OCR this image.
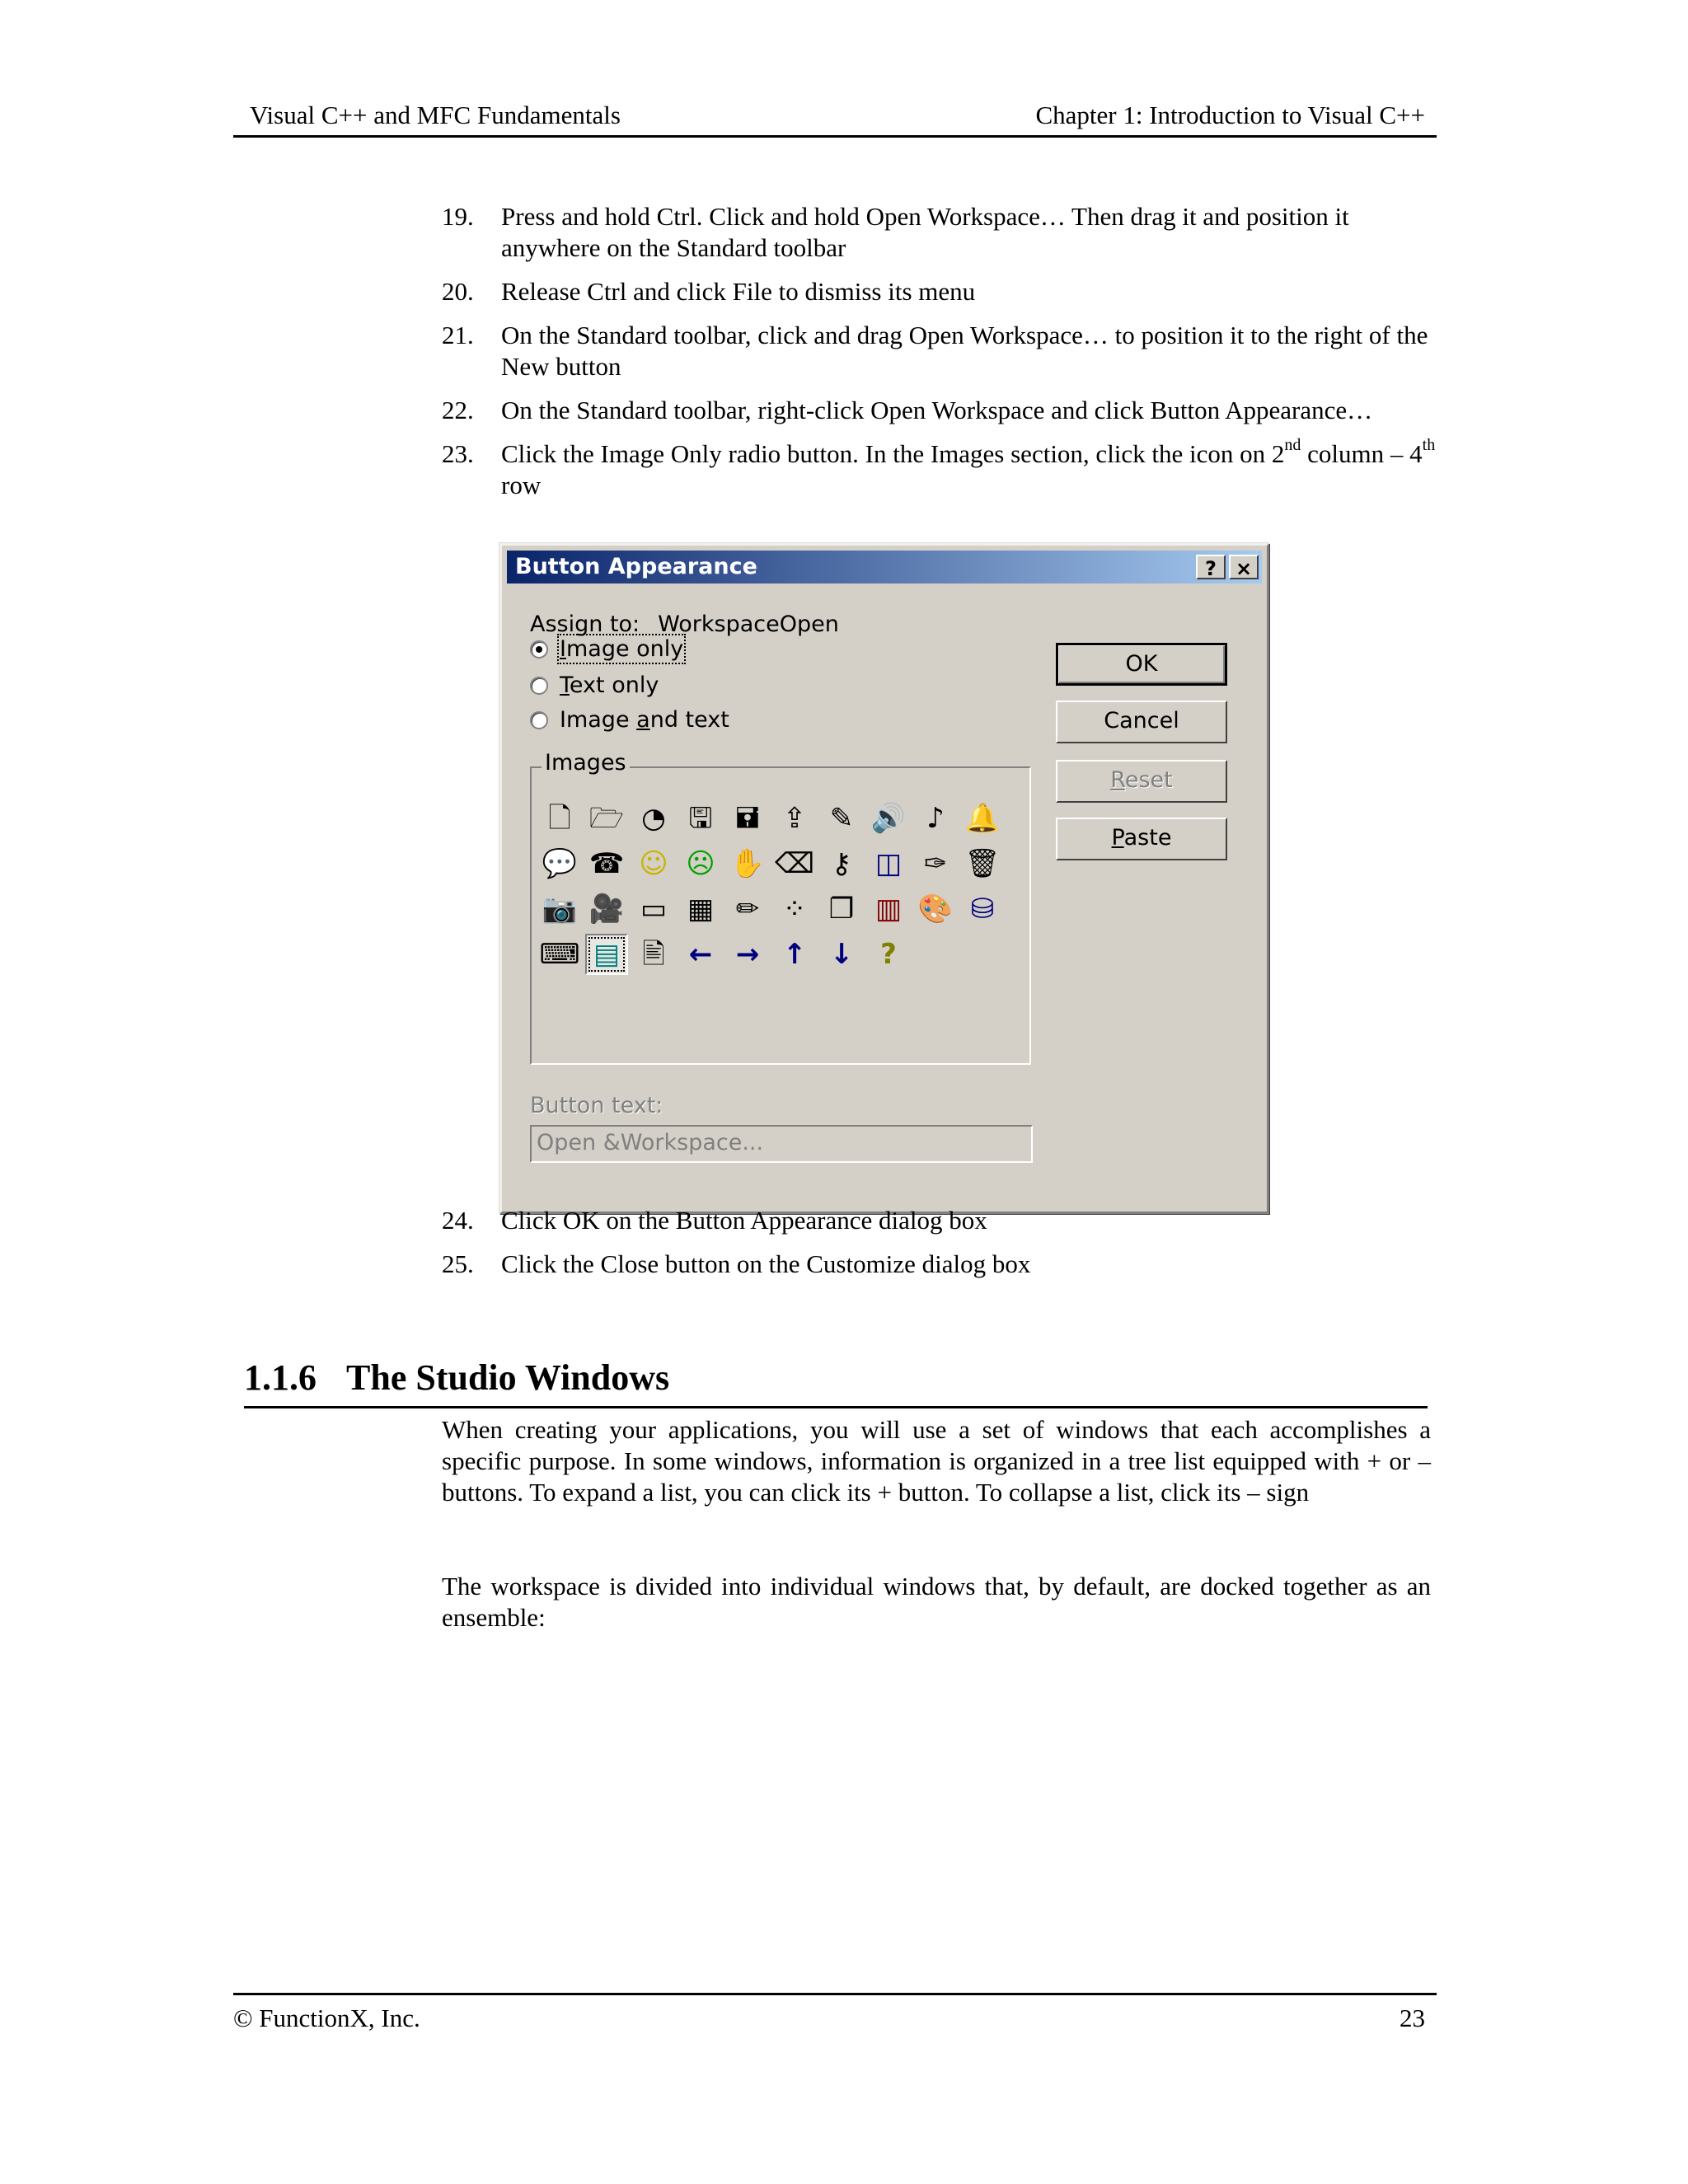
Visual C++ and MFC Fundamentals	Chapter 1: Introduction to Visual C++
19. Press and hold Ctrl. Click and hold Open Workspace… Then drag it and position it anywhere on the Standard toolbar
20. Release Ctrl and click File to dismiss its menu
21. On the Standard toolbar, click and drag Open Workspace… to position it to the right of the New button
22. On the Standard toolbar, right-click Open Workspace and click Button Appearance…
23. Click the Image Only radio button. In the Images section, click the icon on 2nd column – 4th row
Button Appearance	? ×
Assign to: WorkspaceOpen
Image only
Text only
Image and text
OK
Cancel
Reset
Paste
Images
🗋 🗁 ◔ 🖫 🖬 ⇪ ✎ 🔊 ♪ 🔔
💬 ☎ ☺ ☹ ✋ ⌫ ⚷ ◫ ✑ 🗑
📷 🎥 ▭ ▦ ✏ ⁘ ❐ ▥ 🎨 ⛁
⌨ ▤ 🖹 ← → ↑ ↓ ?
Button text:
Open &Workspace...
24. Click OK on the Button Appearance dialog box
25. Click the Close button on the Customize dialog box
1.1.6 The Studio Windows

When creating your applications, you will use a set of windows that each accomplishes a specific purpose. In some windows, information is organized in a tree list equipped with + or – buttons. To expand a list, you can click its + button. To collapse a list, click its – sign

The workspace is divided into individual windows that, by default, are docked together as an ensemble:

© FunctionX, Inc.	23
